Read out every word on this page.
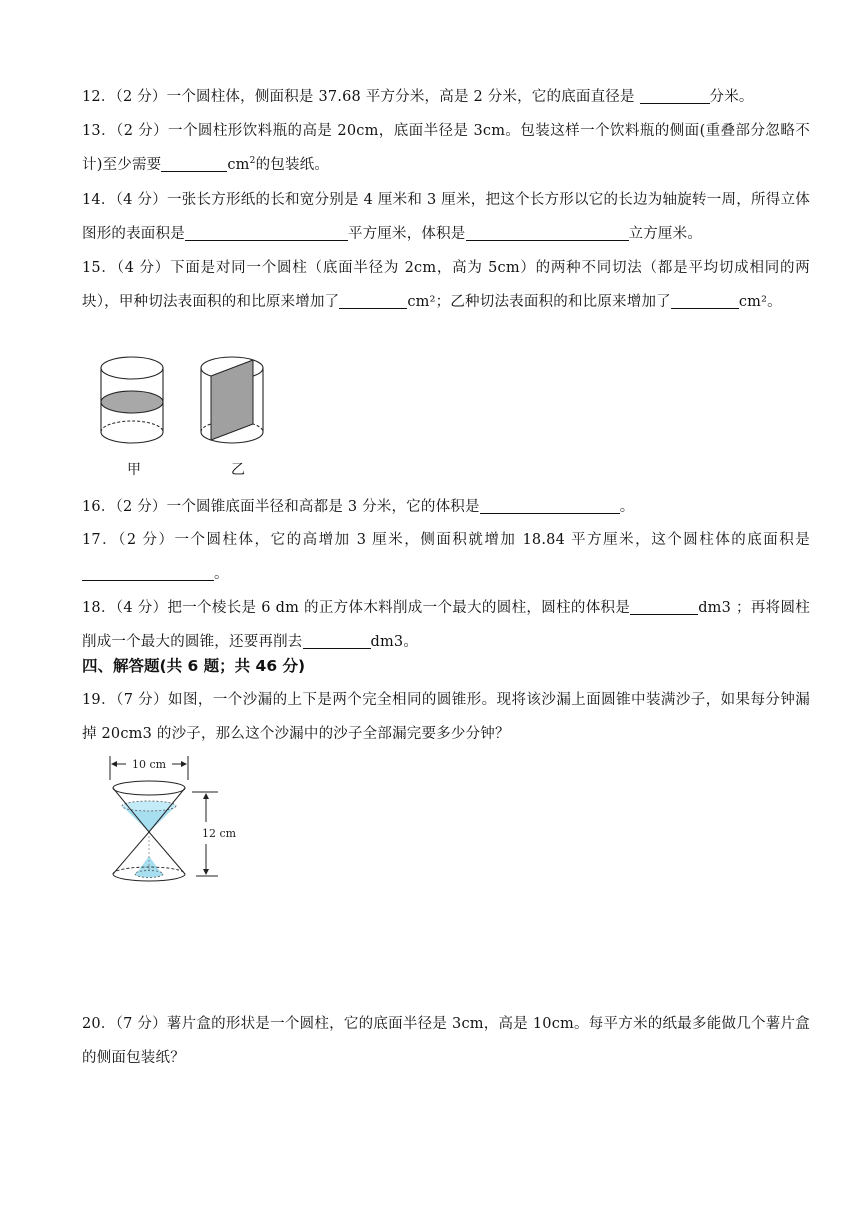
12．（2 分）一个圆柱体，侧面积是 37.68 平方分米，高是 2 分米，它的底面直径是	分米。
13．（2 分）一个圆柱形饮料瓶的高是 20cm，底面半径是 3cm。包装这样一个饮料瓶的侧面(重叠部分忽略不计)至少需要	$cm^2$的包装纸。
14．（4 分）一张长方形纸的长和宽分别是 4 厘米和 3 厘米，把这个长方形以它的长边为轴旋转一周，所得立体图形的表面积是	平方厘米，体积是	立方厘米。
15．（4 分）下面是对同一个圆柱（底面半径为 2cm，高为 5cm）的两种不同切法（都是平均切成相同的两块），甲种切法表面积的和比原来增加了	cm²；乙种切法表面积的和比原来增加了	cm²。
甲	乙
16．（2 分）一个圆锥底面半径和高都是 3 分米，它的体积是	。
17．（2 分）一个圆柱体，它的高增加 3 厘米，侧面积就增加 18.84 平方厘米，这个圆柱体的底面积是。
18．（4 分）把一个棱长是 6 dm 的正方体木料削成一个最大的圆柱，圆柱的体积是	dm3 ；再将圆柱削成一个最大的圆锥，还要再削去	dm3。
四、解答题(共 6 题；共 46 分)
19．（7 分）如图，一个沙漏的上下是两个完全相同的圆锥形。现将该沙漏上面圆锥中装满沙子，如果每分钟漏掉 20cm3 的沙子，那么这个沙漏中的沙子全部漏完要多少分钟？
10 cm
12 cm
20．（7 分）薯片盒的形状是一个圆柱，它的底面半径是 3cm，高是 10cm。每平方米的纸最多能做几个薯片盒的侧面包装纸？
